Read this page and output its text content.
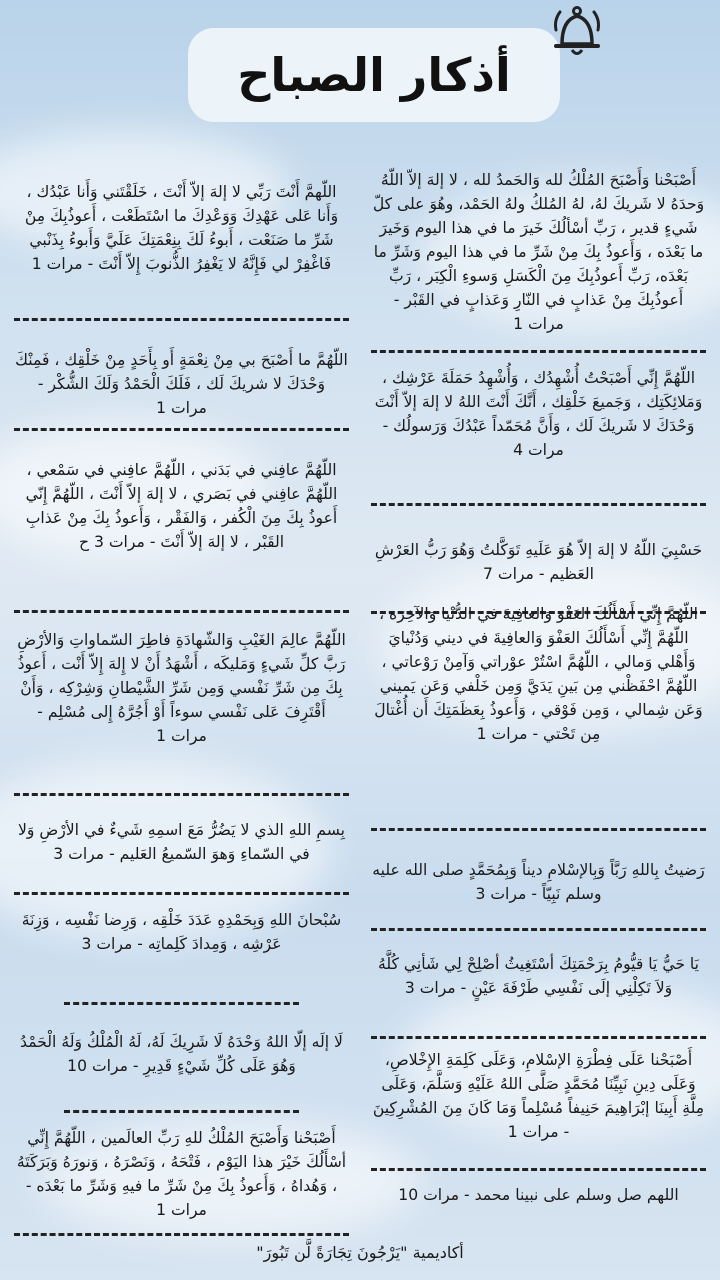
أذكار الصباح
أَصْبَحْنا وَأَصْبَحَ المُلْكُ لله وَالحَمدُ لله ، لا إلهَ إلاّ اللّهُ وَحدَهُ لا شَريكَ لهُ، لهُ المُلكُ ولهُ الحَمْد، وهُوَ على كلّ شَيءٍ قدير ، رَبِّ أسْألُكَ خَيرَ ما في هذا اليوم وَخَيرَ ما بَعْدَه ، وَأَعوذُ بِكَ مِنْ شَرِّ ما في هذا اليوم وَشَرِّ ما بَعْدَه، رَبِّ أَعوذُبِكَ مِنَ الْكَسَلِ وَسوءِ الْكِبَر ، رَبِّ أَعوذُبِكَ مِنْ عَذابٍ في النّارِ وَعَذابٍ في القَبْر - مرات 1
اللّهُمَّ إِنِّي أَصْبَحْتُ أُشْهِدُك ، وَأُشْهِدُ حَمَلَةَ عَرْشِك ، وَمَلائِكَتِك ، وَجَميعَ خَلْقِك ، أَنَّكَ أَنْتَ اللهُ لا إلهَ إلاّ أَنْتَ وَحْدَكَ لا شَريكَ لَك ، وَأَنَّ مُحَمّداً عَبْدُكَ وَرَسولُك - مرات 4
حَسْبِيَ اللّهُ لا إلهَ إلاّ هُوَ عَلَيهِ تَوَكَّلتُ وَهُوَ رَبُّ العَرْشِ العَظيم - مرات 7
اللّهُمَّ إِنِّي أَسْأَلُكَ العَفْوَ وَالعافِيةَ في الدُّنْيا وَالآخِرَة ، اللّهُمَّ إِنِّي أَسْأَلُكَ العَفْوَ وَالعافِيةَ في ديني وَدُنْيايَ وَأَهْلي وَمالي ، اللّهُمَّ اسْتُرْ عوْراتي وَآمِنْ رَوْعاتي ، اللّهُمَّ احْفَظْني مِن بَينِ يَدَيَّ وَمِن خَلْفي وَعَن يَميني وَعَن شِمالي ، وَمِن فَوْقي ، وَأَعوذُ بِعَظَمَتِكَ أَن أُغْتالَ مِن تَحْتي - مرات 1
رَضيتُ بِاللهِ رَبَّاً وَبِالإسْلامِ ديناً وَبِمُحَمَّدٍ صلى الله عليه وسلم نَبِيّاً - مرات 3
يَا حَيُّ يَا قيُّومُ بِرَحْمَتِكَ أسْتَغِيثُ أصْلِحْ لِي شَأنِي كُلَّهُ وَلاَ تَكِلْنِي إلَى نَفْسِي طَرْفَةَ عَيْنٍ - مرات 3
أَصْبَحْنا عَلَى فِطْرَةِ الإسْلامِ، وَعَلَى كَلِمَةِ الإِخْلاصِ، وَعَلَى دِينِ نَبِيِّنَا مُحَمَّدٍ صَلَّى اللهُ عَلَيْهِ وَسَلَّمَ، وَعَلَى مِلَّةِ أَبِينَا إبْرَاهِيمَ حَنِيفاً مُسْلِماً وَمَا كَانَ مِنَ المُشْرِكِينَ - مرات 1
اللهم صل وسلم على نبينا محمد - مرات 10
اللّهمَّ أَنْتَ رَبِّي لا إلهَ إلاّ أَنْتَ ، خَلَقْتَني وَأَنا عَبْدُك ، وَأَنا عَلى عَهْدِكَ وَوَعْدِكَ ما اسْتَطَعْت ، أَعوذُبِكَ مِنْ شَرِّ ما صَنَعْت ، أَبوءُ لَكَ بِنِعْمَتِكَ عَلَيَّ وَأَبوءُ بِذَنْبي فَاغْفِرْ لي فَإِنَّهُ لا يَغْفِرُ الذُّنوبَ إِلاّ أَنْتَ - مرات 1
اللّهُمَّ ما أَصْبَحَ بي مِنْ نِعْمَةٍ أَو بِأَحَدٍ مِنْ خَلْقِك ، فَمِنْكَ وَحْدَكَ لا شريكَ لَك ، فَلَكَ الْحَمْدُ وَلَكَ الشُّكْر - مرات 1
اللّهُمَّ عافِني في بَدَني ، اللّهُمَّ عافِني في سَمْعي ، اللّهُمَّ عافِني في بَصَري ، لا إلهَ إلاّ أَنْتَ ، اللّهُمَّ إِنّي أَعوذُ بِكَ مِنَ الْكُفر ، وَالفَقْر ، وَأَعوذُ بِكَ مِنْ عَذابِ القَبْر ، لا إلهَ إلاّ أَنْتَ - مرات 3 ح
اللّهُمَّ عالِمَ الغَيْبِ وَالشّهادَةِ فاطِرَ السّماواتِ وَالأرْضِ رَبَّ كلِّ شَيءٍ وَمَليكَه ، أَشْهَدُ أَنْ لا إِلهَ إِلاّ أَنْت ، أَعوذُ بِكَ مِن شَرِّ نَفْسي وَمِن شَرِّ الشَّيْطانِ وَشِرْكِه ، وَأَنْ أَقْتَرِفَ عَلى نَفْسي سوءاً أَوْ أَجُرَّهُ إِلى مُسْلِم - مرات 1
بِسمِ اللهِ الذي لا يَضُرُّ مَعَ اسمِهِ شَيءٌ في الأرْضِ وَلا في السّماءِ وَهوَ السّميعُ العَليم - مرات 3
سُبْحانَ اللهِ وَبِحَمْدِهِ عَدَدَ خَلْقِه ، وَرِضا نَفْسِه ، وَزِنَةَ عَرْشِه ، وَمِدادَ كَلِماتِه - مرات 3
لَا إلَه إلّا اللهُ وَحْدَهُ لَا شَرِيكَ لَهُ، لَهُ الْمُلْكُ وَلَهُ الْحَمْدُ وَهُوَ عَلَى كُلِّ شَيْءٍ قَدِيرِ - مرات 10
أَصْبَحْنا وَأَصْبَحَ المُلْكُ للهِ رَبِّ العالَمين ، اللّهُمَّ إِنِّي أسْأَلُكَ خَيْرَ هذا اليَوْم ، فَتْحَهُ ، وَنَصْرَهُ ، وَنورَهُ وَبَرَكَتَهُ ، وَهُداهُ ، وَأَعوذُ بِكَ مِنْ شَرِّ ما فيهِ وَشَرِّ ما بَعْدَه - مرات 1
أكاديمية "يَرْجُونَ تِجَارَةً لَّن تَبُورَ"
